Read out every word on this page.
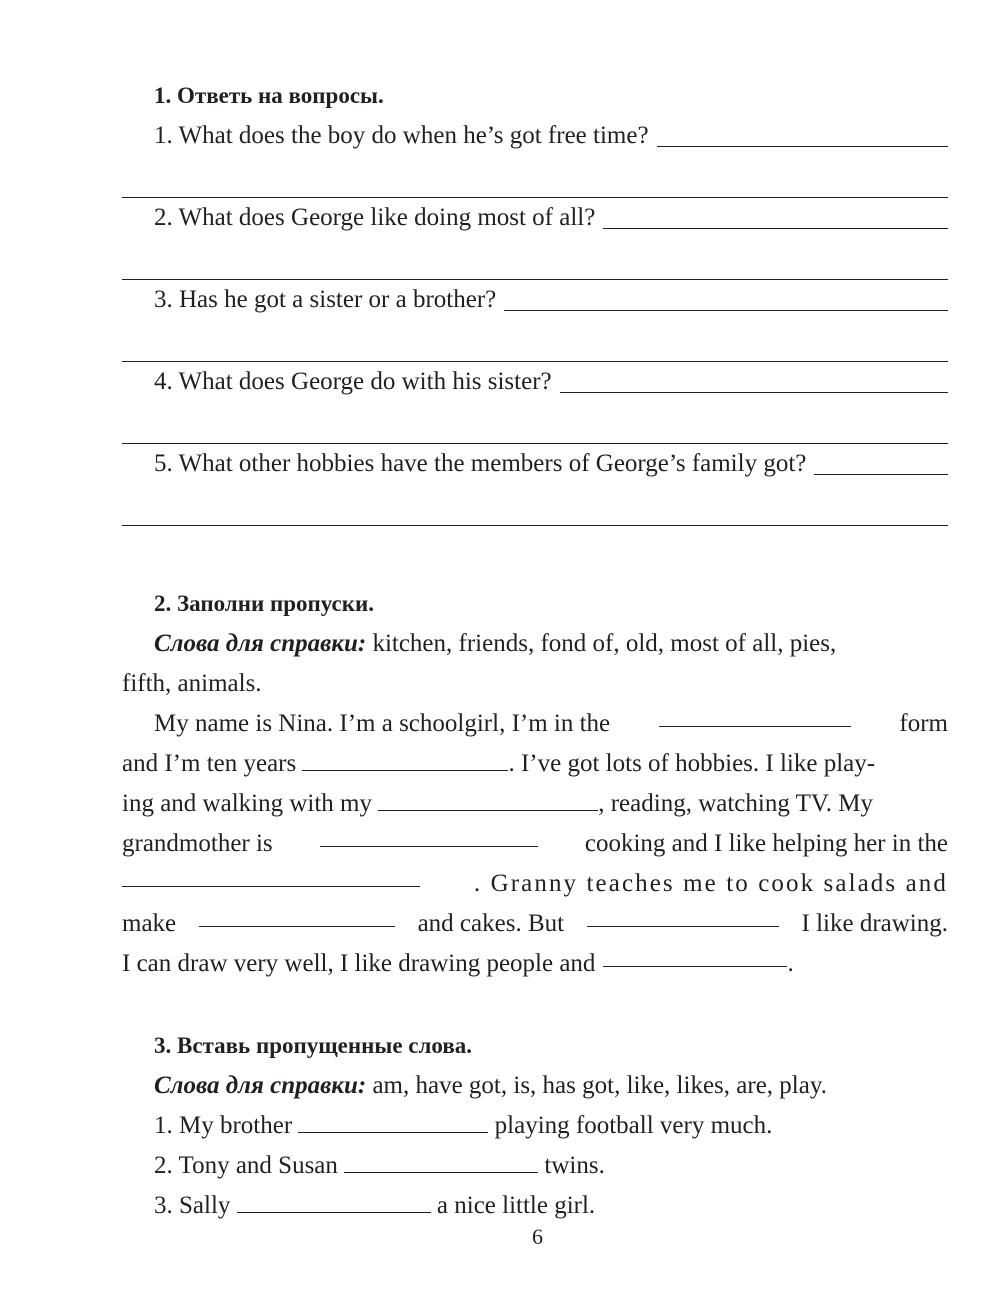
1. Ответь на вопросы.
1. What does the boy do when he’s got free time?
2. What does George like doing most of all?
3. Has he got a sister or a brother?
4. What does George do with his sister?
5. What other hobbies have the members of George’s family got?
2. Заполни пропуски.
Слова для справки: kitchen, friends, fond of, old, most of all, pies,
fifth, animals.
My name is Nina. I’m a schoolgirl, I’m in the	form
and I’m ten years	. I’ve got lots of hobbies. I like play-
ing and walking with my	, reading, watching TV. My
grandmother is	cooking and I like helping her in the
. Granny teaches me to cook salads and
make	and cakes. But	I like drawing.
I can draw very well, I like drawing people and	.
3. Вставь пропущенные слова.
Слова для справки: am, have got, is, has got, like, likes, are, play.
1. My brother	playing football very much.
2. Tony and Susan	twins.
3. Sally	a nice little girl.
6
